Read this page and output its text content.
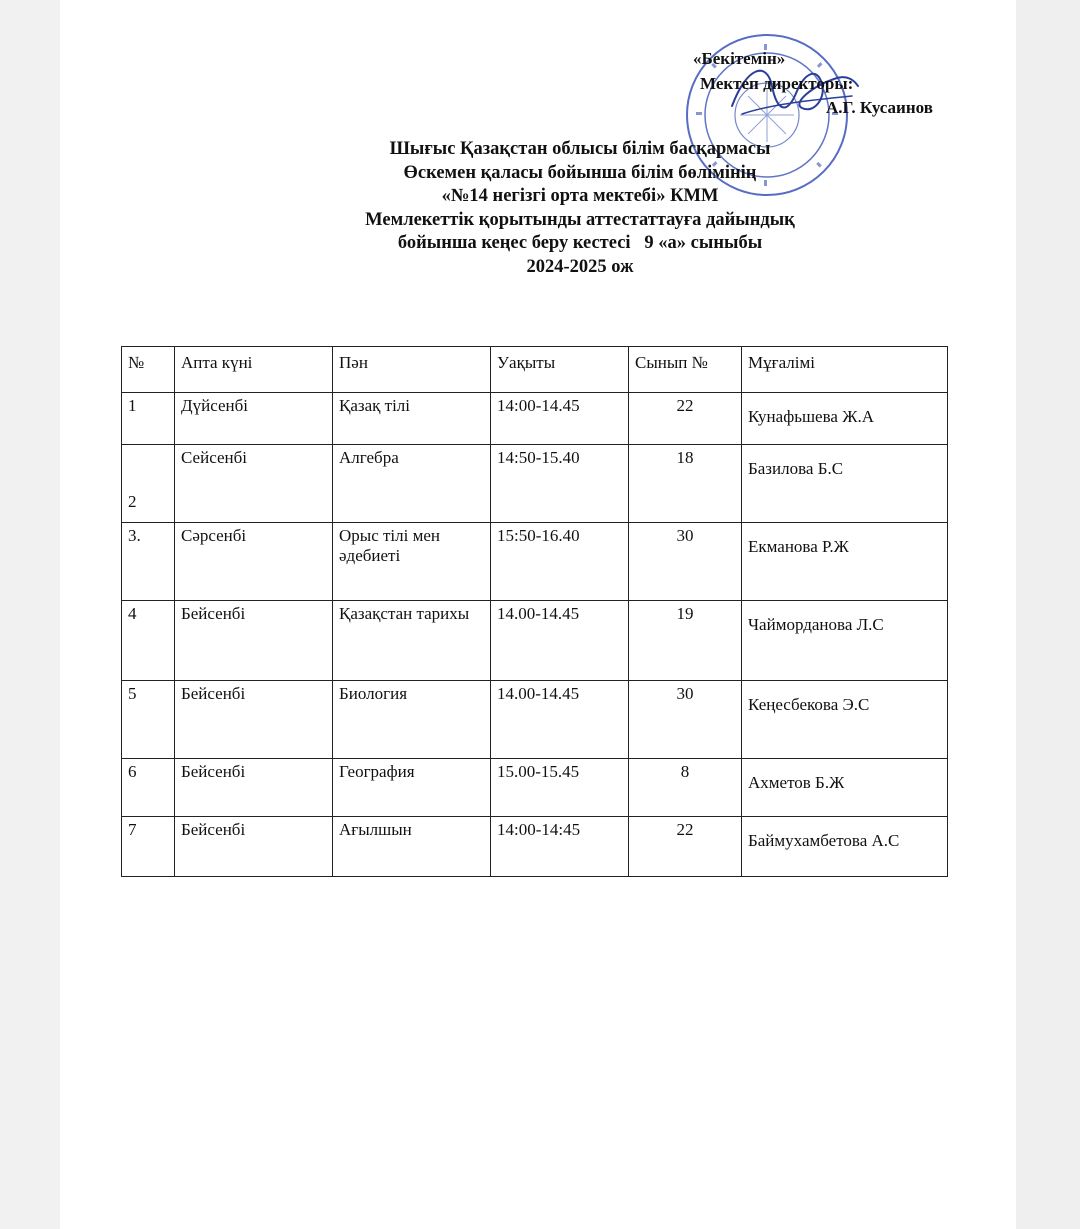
«Бекітемін»
Мектеп директоры:
А.Г. Кусаинов
Шығыс Қазақстан облысы білім басқармасы
Өскемен қаласы бойынша білім бөлімінің
«№14 негізгі орта мектебі» КММ
Мемлекеттік қорытынды аттестаттауға дайындық
бойынша кеңес беру кестесі   9 «а» сыныбы
2024-2025 ож
№	Апта күні	Пән	Уақыты	Сынып №	Мұғалімі
1	Дүйсенбі	Қазақ тілі	14:00-14.45	22	Кунафьшева Ж.А
2	Сейсенбі	Алгебра	14:50-15.40	18	Базилова Б.С
3.	Сәрсенбі	Орыс тілі мен әдебиеті	15:50-16.40	30	Екманова Р.Ж
4	Бейсенбі	Қазақстан тарихы	14.00-14.45	19	Чайморданова Л.С
5	Бейсенбі	Биология	14.00-14.45	30	Кеңесбекова Э.С
6	Бейсенбі	География	15.00-15.45	8	Ахметов Б.Ж
7	Бейсенбі	Ағылшын	14:00-14:45	22	Баймухамбетова А.С
